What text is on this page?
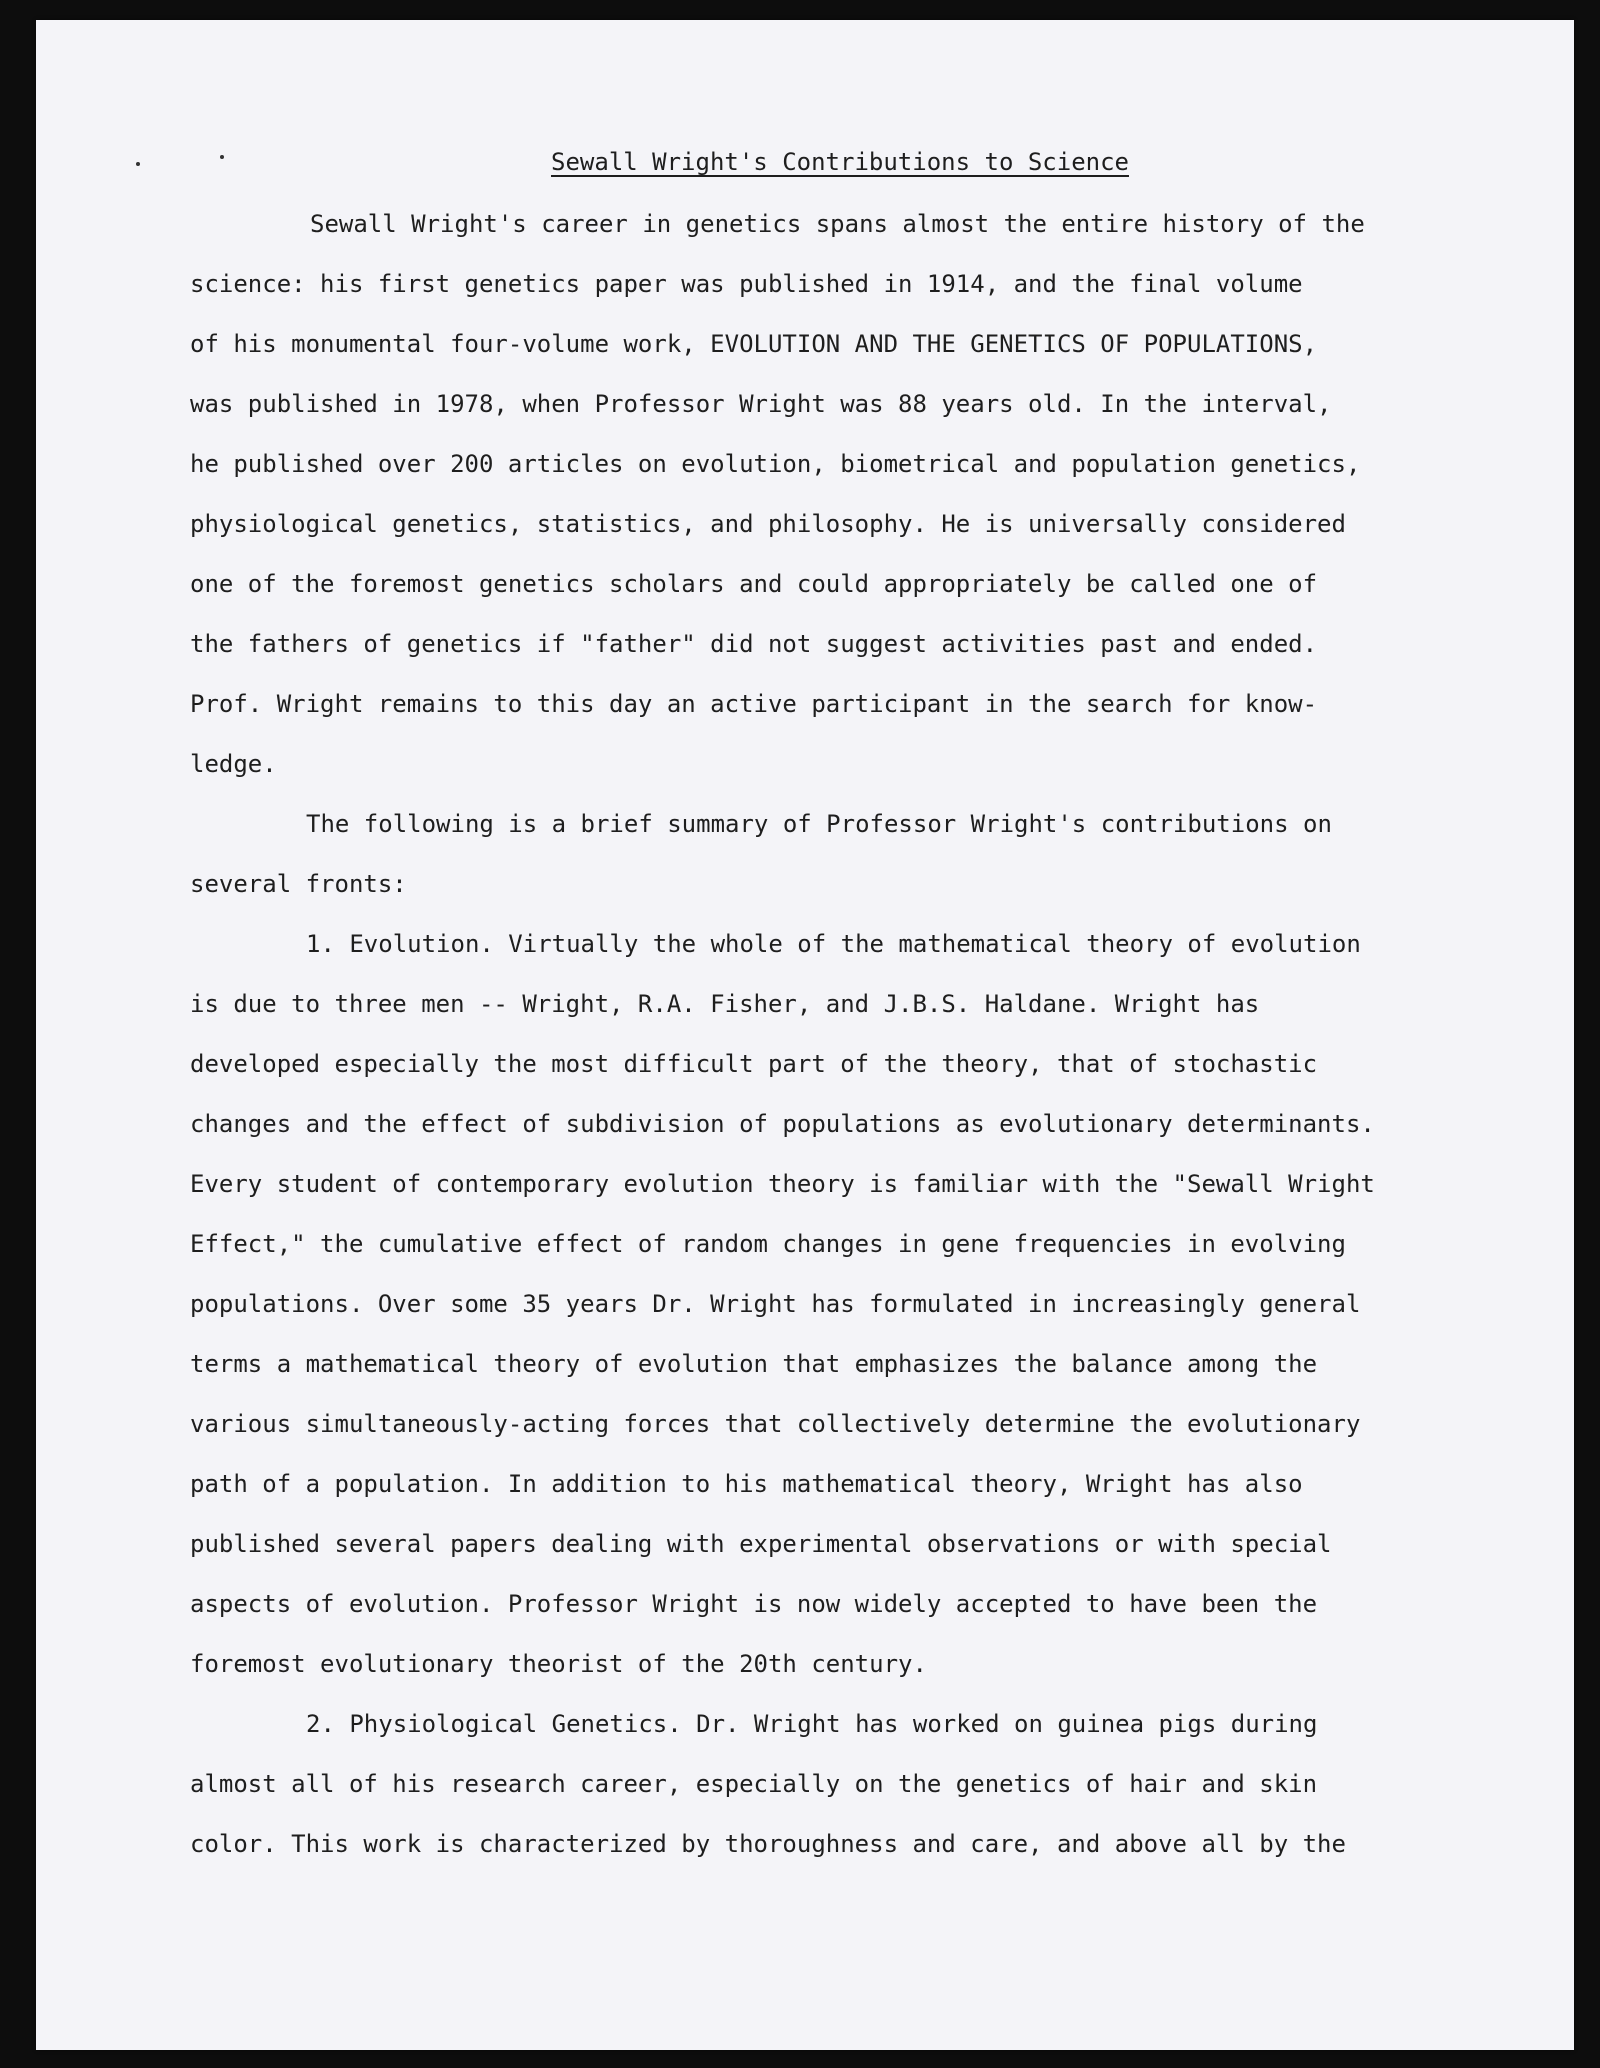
Sewall Wright's Contributions to Science
Sewall Wright's career in genetics spans almost the entire history of the
science: his first genetics paper was published in 1914, and the final volume
of his monumental four-volume work, EVOLUTION AND THE GENETICS OF POPULATIONS,
was published in 1978, when Professor Wright was 88 years old. In the interval,
he published over 200 articles on evolution, biometrical and population genetics,
physiological genetics, statistics, and philosophy. He is universally considered
one of the foremost genetics scholars and could appropriately be called one of
the fathers of genetics if "father" did not suggest activities past and ended.
Prof. Wright remains to this day an active participant in the search for know-
ledge.
The following is a brief summary of Professor Wright's contributions on
several fronts:
1. Evolution. Virtually the whole of the mathematical theory of evolution
is due to three men -- Wright, R.A. Fisher, and J.B.S. Haldane. Wright has
developed especially the most difficult part of the theory, that of stochastic
changes and the effect of subdivision of populations as evolutionary determinants.
Every student of contemporary evolution theory is familiar with the "Sewall Wright
Effect," the cumulative effect of random changes in gene frequencies in evolving
populations. Over some 35 years Dr. Wright has formulated in increasingly general
terms a mathematical theory of evolution that emphasizes the balance among the
various simultaneously-acting forces that collectively determine the evolutionary
path of a population. In addition to his mathematical theory, Wright has also
published several papers dealing with experimental observations or with special
aspects of evolution. Professor Wright is now widely accepted to have been the
foremost evolutionary theorist of the 20th century.
2. Physiological Genetics. Dr. Wright has worked on guinea pigs during
almost all of his research career, especially on the genetics of hair and skin
color. This work is characterized by thoroughness and care, and above all by the
